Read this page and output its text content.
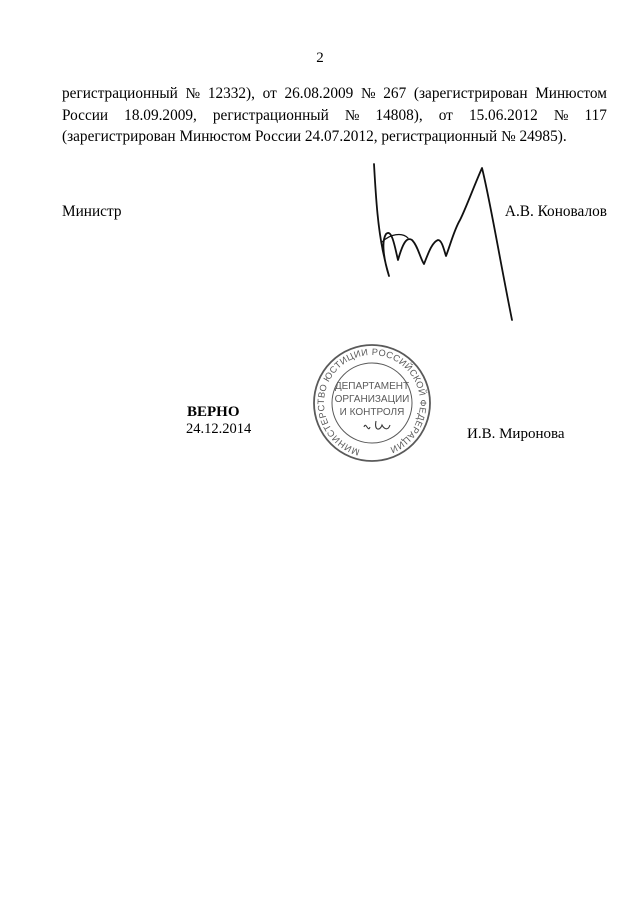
2
регистрационный № 12332), от 26.08.2009 № 267 (зарегистрирован Минюстом
России 18.09.2009, регистрационный № 14808), от 15.06.2012 № 117
(зарегистрирован Минюстом России 24.07.2012, регистрационный № 24985).
Министр	А.В. Коновалов
МИНИСТЕРСТВО ЮСТИЦИИ РОССИЙСКОЙ ФЕДЕРАЦИИ
ДЕПАРТАМЕНТ
ОРГАНИЗАЦИИ
И КОНТРОЛЯ
ВЕРНО
24.12.2014	И.В. Миронова
